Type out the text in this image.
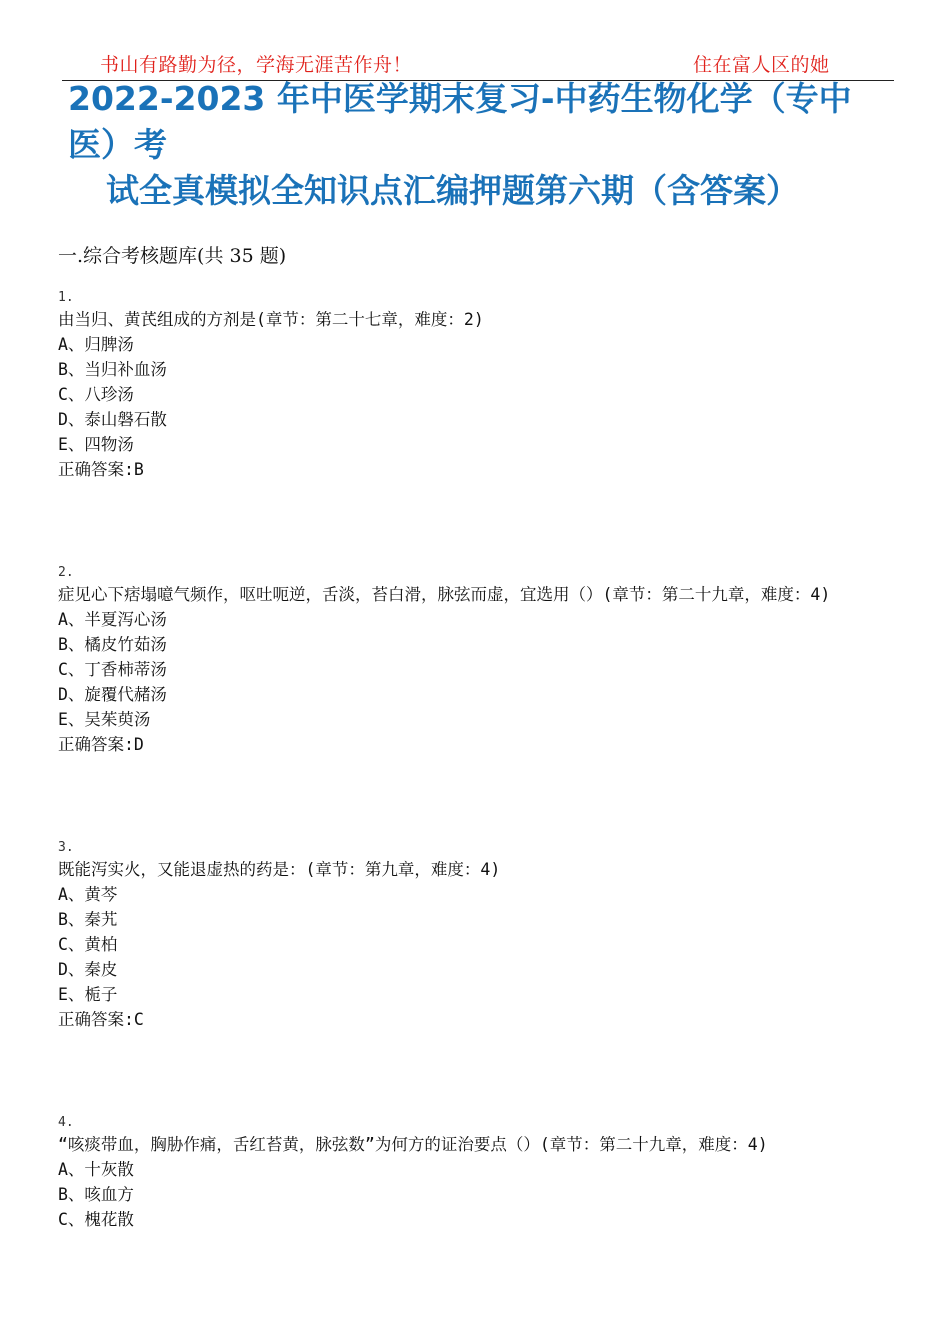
书山有路勤为径，学海无涯苦作舟！	住在富人区的她
2022-2023 年中医学期末复习-中药生物化学（专中医）考
试全真模拟全知识点汇编押题第六期（含答案）
一.综合考核题库(共 35 题)
1.
由当归、黄芪组成的方剂是(章节：第二十七章，难度：2)
A、归脾汤
B、当归补血汤
C、八珍汤
D、泰山磐石散
E、四物汤
正确答案:B
2.
症见心下痞塌噫气频作，呕吐呃逆，舌淡，苔白滑，脉弦而虚，宜选用（）(章节：第二十九章，难度：4)
A、半夏泻心汤
B、橘皮竹茹汤
C、丁香柿蒂汤
D、旋覆代赭汤
E、吴茱萸汤
正确答案:D
3.
既能泻实火，又能退虚热的药是：(章节：第九章，难度：4)
A、黄芩
B、秦艽
C、黄柏
D、秦皮
E、栀子
正确答案:C
4.
“咳痰带血，胸胁作痛，舌红苔黄，脉弦数”为何方的证治要点（）(章节：第二十九章，难度：4)
A、十灰散
B、咳血方
C、槐花散
